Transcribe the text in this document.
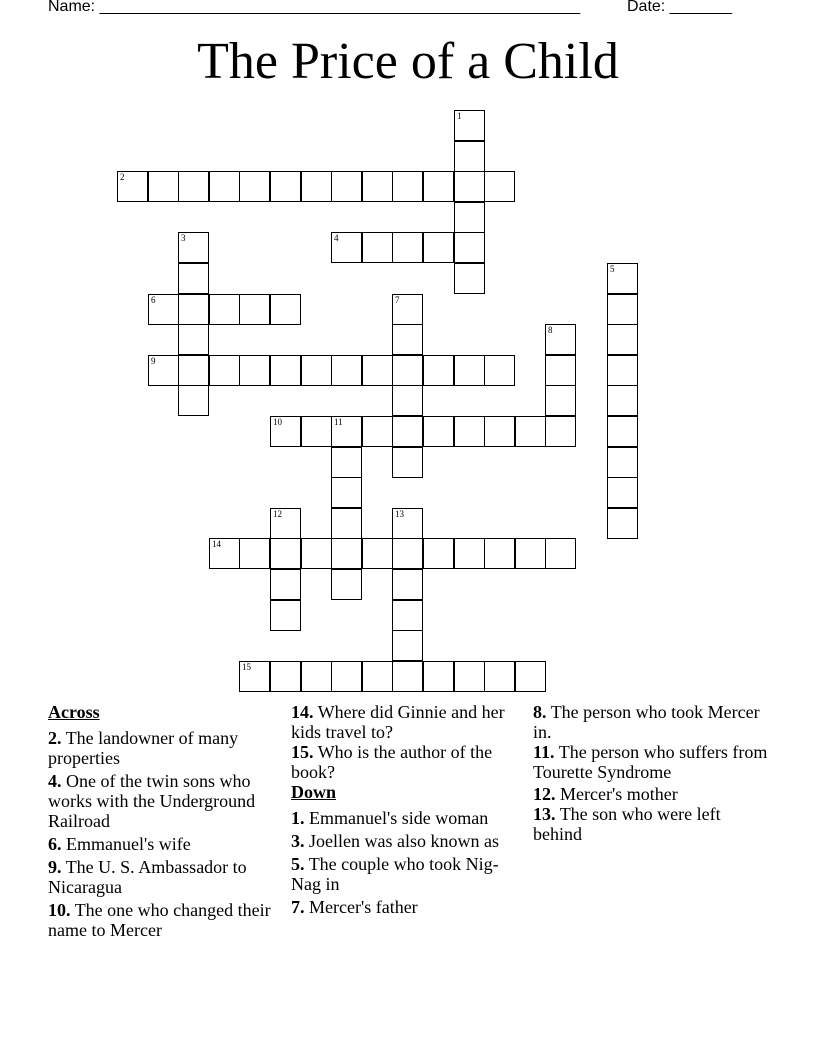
Name: ______________________________________________________	Date: _______
The Price of a Child
1
2
3	4
5
6	7
8
9
10	11
12	13
14
15
Across
2. The landowner of many properties
4. One of the twin sons who works with the Underground Railroad
6. Emmanuel's wife
9. The U. S. Ambassador to Nicaragua
10. The one who changed their name to Mercer
14. Where did Ginnie and her kids travel to?
15. Who is the author of the book?
Down
1. Emmanuel's side woman
3. Joellen was also known as
5. The couple who took Nig-Nag in
7. Mercer's father
8. The person who took Mercer in.
11. The person who suffers from Tourette Syndrome
12. Mercer's mother
13. The son who were left behind
